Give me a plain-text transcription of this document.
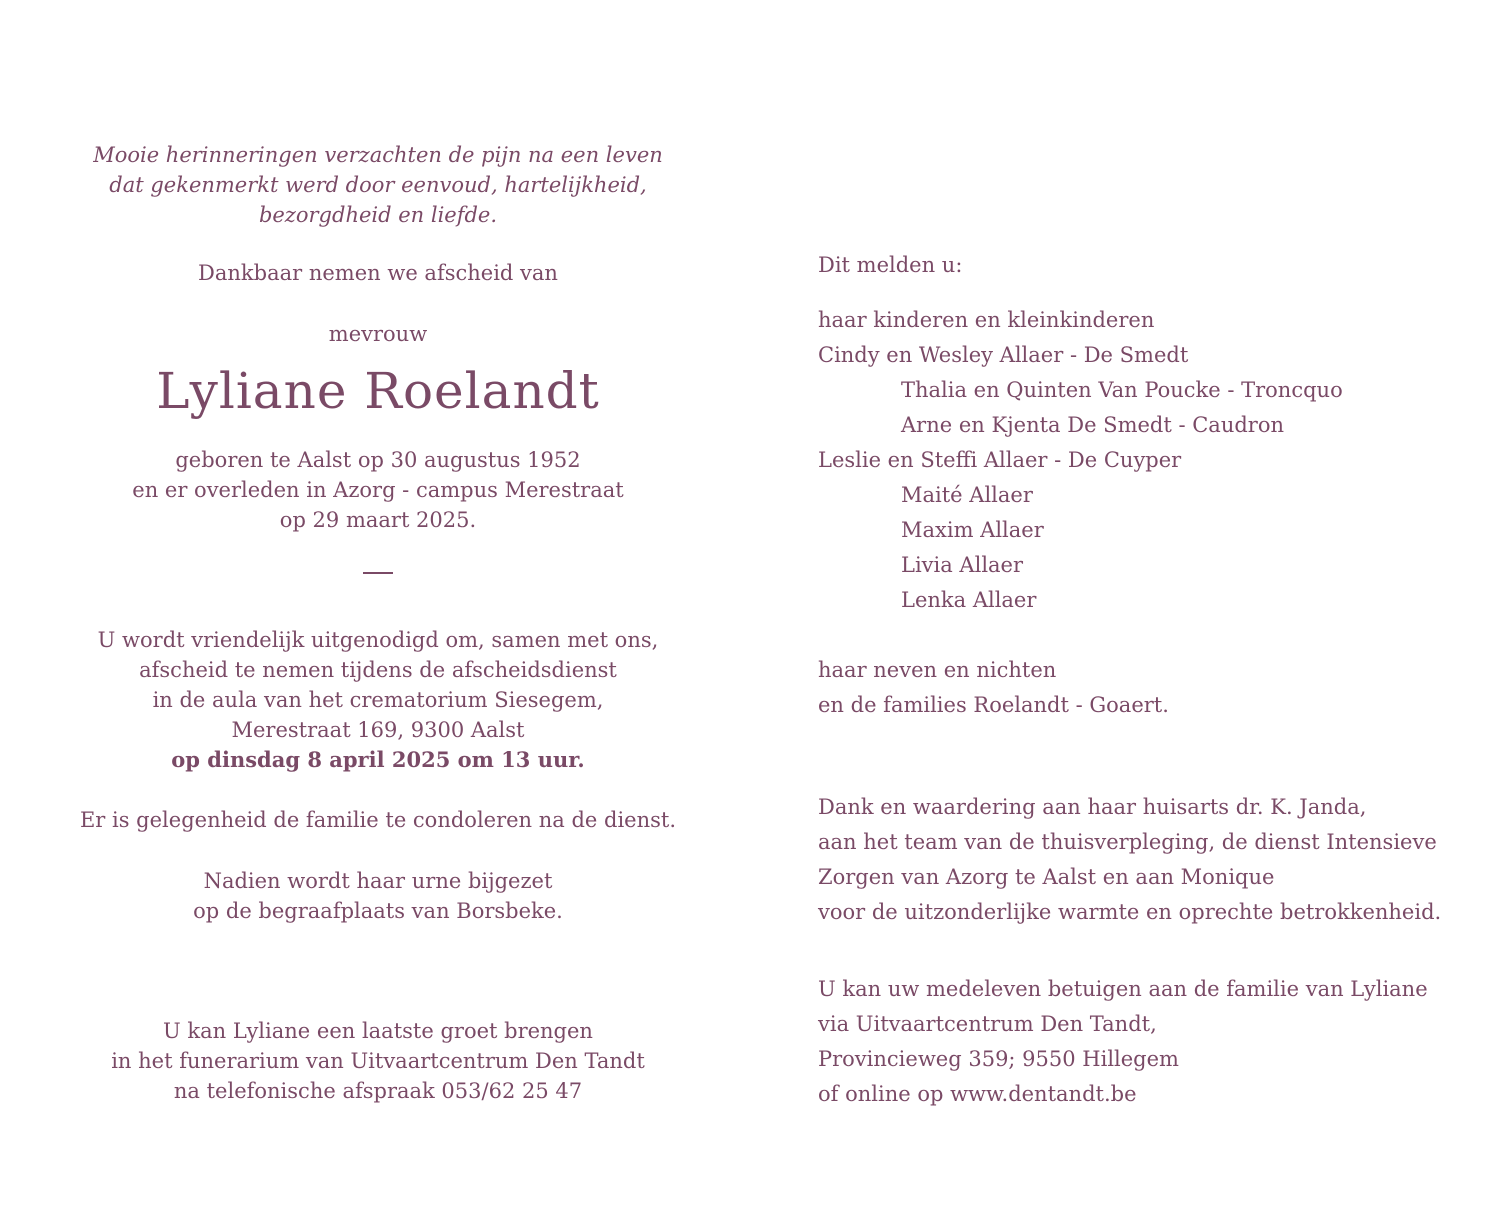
Mooie herinneringen verzachten de pijn na een leven
dat gekenmerkt werd door eenvoud, hartelijkheid,
bezorgdheid en liefde.
Dankbaar nemen we afscheid van
mevrouw
Lyliane Roelandt
geboren te Aalst op 30 augustus 1952
en er overleden in Azorg - campus Merestraat
op 29 maart 2025.
U wordt vriendelijk uitgenodigd om, samen met ons,
afscheid te nemen tijdens de afscheidsdienst
in de aula van het crematorium Siesegem,
Merestraat 169, 9300 Aalst
op dinsdag 8 april 2025 om 13 uur.
Er is gelegenheid de familie te condoleren na de dienst.
Nadien wordt haar urne bijgezet
op de begraafplaats van Borsbeke.
U kan Lyliane een laatste groet brengen
in het funerarium van Uitvaartcentrum Den Tandt
na telefonische afspraak 053/62 25 47
Dit melden u:
haar kinderen en kleinkinderen
Cindy en Wesley Allaer - De Smedt
Thalia en Quinten Van Poucke - Troncquo
Arne en Kjenta De Smedt - Caudron
Leslie en Steffi Allaer - De Cuyper
Maité Allaer
Maxim Allaer
Livia Allaer
Lenka Allaer
haar neven en nichten
en de families Roelandt - Goaert.
Dank en waardering aan haar huisarts dr. K. Janda,
aan het team van de thuisverpleging, de dienst Intensieve
Zorgen van Azorg te Aalst en aan Monique
voor de uitzonderlijke warmte en oprechte betrokkenheid.
U kan uw medeleven betuigen aan de familie van Lyliane
via Uitvaartcentrum Den Tandt,
Provincieweg 359; 9550 Hillegem
of online op www.dentandt.be
